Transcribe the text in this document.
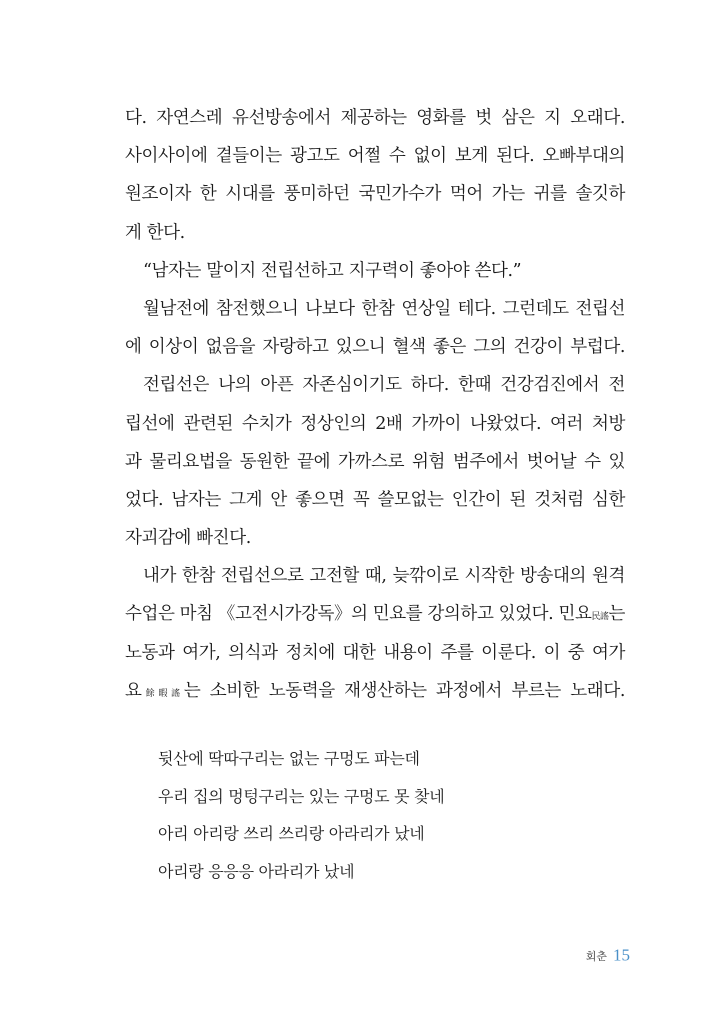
다. 자연스레 유선방송에서 제공하는 영화를 벗 삼은 지 오래다.
사이사이에 곁들이는 광고도 어쩔 수 없이 보게 된다. 오빠부대의
원조이자 한 시대를 풍미하던 국민가수가 먹어 가는 귀를 솔깃하
게 한다.
“남자는 말이지 전립선하고 지구력이 좋아야 쓴다.”
월남전에 참전했으니 나보다 한참 연상일 테다. 그런데도 전립선
에 이상이 없음을 자랑하고 있으니 혈색 좋은 그의 건강이 부럽다.
전립선은 나의 아픈 자존심이기도 하다. 한때 건강검진에서 전
립선에 관련된 수치가 정상인의 2배 가까이 나왔었다. 여러 처방
과 물리요법을 동원한 끝에 가까스로 위험 범주에서 벗어날 수 있
었다. 남자는 그게 안 좋으면 꼭 쓸모없는 인간이 된 것처럼 심한
자괴감에 빠진다.
내가 한참 전립선으로 고전할 때, 늦깎이로 시작한 방송대의 원격
수업은 마침 《고전시가강독》의 민요를 강의하고 있었다. 민요民謠는
노동과 여가, 의식과 정치에 대한 내용이 주를 이룬다. 이 중 여가
요餘暇謠는 소비한 노동력을 재생산하는 과정에서 부르는 노래다.
뒷산에 딱따구리는 없는 구멍도 파는데
우리 집의 멍텅구리는 있는 구멍도 못 찾네
아리 아리랑 쓰리 쓰리랑 아라리가 났네
아리랑 응응응 아라리가 났네
회춘 15
